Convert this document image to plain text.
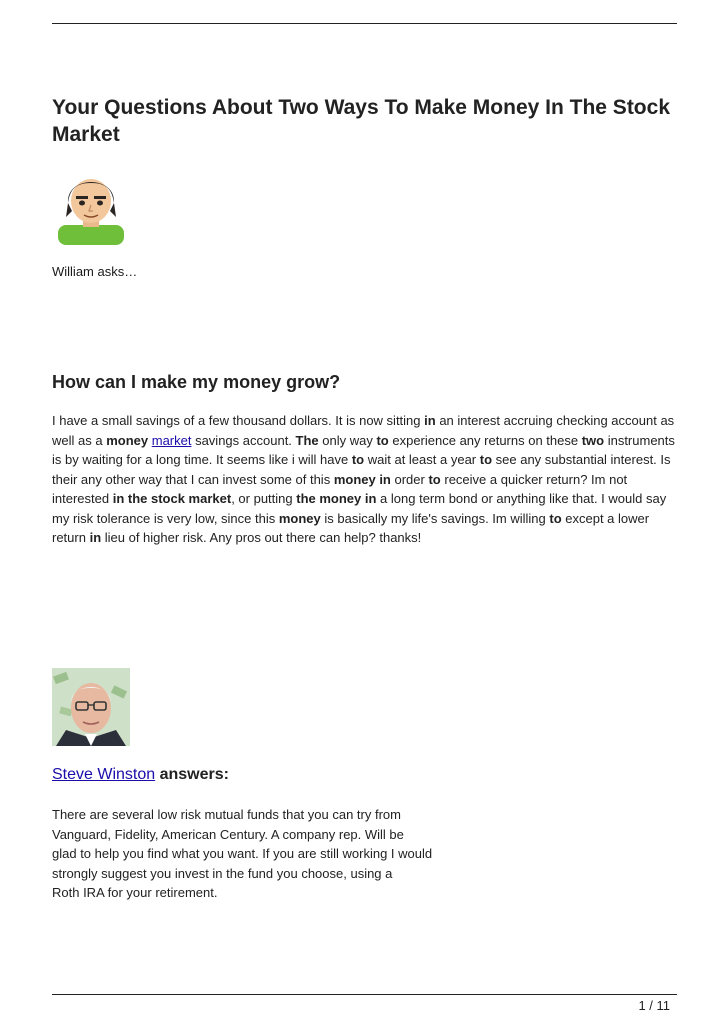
Your Questions About Two Ways To Make Money In The Stock Market
William asks…
How can I make my money grow?
I have a small savings of a few thousand dollars. It is now sitting in an interest accruing checking account as well as a money market savings account. The only way to experience any returns on these two instruments is by waiting for a long time. It seems like i will have to wait at least a year to see any substantial interest. Is their any other way that I can invest some of this money in order to receive a quicker return? Im not interested in the stock market, or putting the money in a long term bond or anything like that. I would say my risk tolerance is very low, since this money is basically my life's savings. Im willing to except a lower return in lieu of higher risk. Any pros out there can help? thanks!
Steve Winston answers:
There are several low risk mutual funds that you can try from
Vanguard, Fidelity, American Century. A company rep. Will be
glad to help you find what you want. If you are still working I would
strongly suggest you invest in the fund you choose, using a
Roth IRA for your retirement.
1 / 11
